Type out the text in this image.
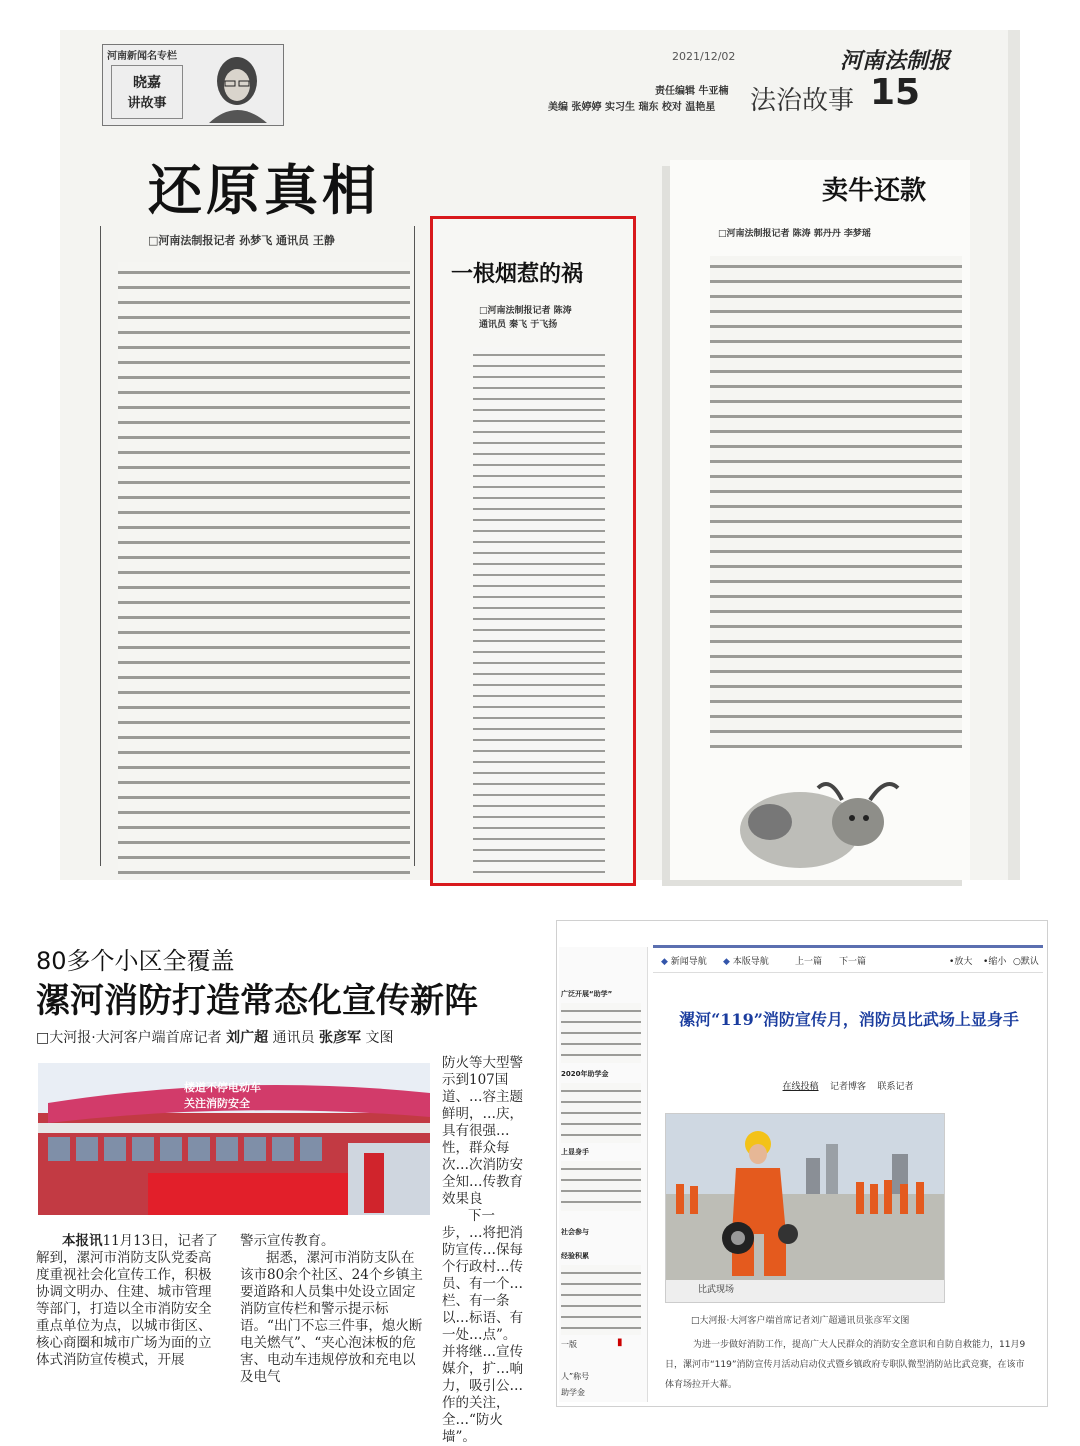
河南新闻名专栏
晓嘉
讲故事
2021/12/02	河南法制报
责任编辑 牛亚楠
美编 张婷婷 实习生 瑞东 校对 温艳星 法治故事 15
还原真相
□河南法制报记者 孙梦飞 通讯员 王静
一根烟惹的祸
□河南法制报记者 陈涛
通讯员 秦飞 于飞扬
卖牛还款
□河南法制报记者 陈涛 郭丹丹 李梦瑶
80多个小区全覆盖
漯河消防打造常态化宣传新阵
□大河报·大河客户端首席记者 刘广超 通讯员 张彦军 文图
楼道不停电动车
关注消防安全
本报讯11月13日，记者了解到，漯河市消防支队党委高度重视社会化宣传工作，积极协调文明办、住建、城市管理等部门，打造以全市消防安全重点单位为点，以城市街区、核心商圈和城市广场为面的立体式消防宣传模式，开展
警示宣传教育。
据悉，漯河市消防支队在该市80余个社区、24个乡镇主要道路和人员集中处设立固定消防宣传栏和警示提示标语。“出门不忘三件事，熄火断电关燃气”、“夹心泡沫板的危害、电动车违规停放和充电以及电气
防火等大型警示到107国道、…容主题鲜明，…庆，具有很强…性，群众每次…次消防安全知…传教育效果良
下一步，…将把消防宣传…保每个行政村…传员、有一个…栏、有一条以…标语、有一处…点”。并将继…宣传媒介，扩…响力，吸引公…作的关注，全…“防火墙”。
广泛开展“助学”
2020年助学金
上显身手
社会参与
经验积累
一版	▮
人”称号
助学金
◆ 新闻导航 ◆ 本版导航	上一篇 下一篇	•放大 •缩小 ○默认
漯河“119”消防宣传月，消防员比武场上显身手
在线投稿 记者博客 联系记者
比武现场
□大河报·大河客户端首席记者刘广超通讯员张彦军文图
为进一步做好消防工作，提高广大人民群众的消防安全意识和自防自救能力，11月9日，漯河市“119”消防宣传月活动启动仪式暨乡镇政府专职队微型消防站比武竞赛，在该市体育场拉开大幕。
